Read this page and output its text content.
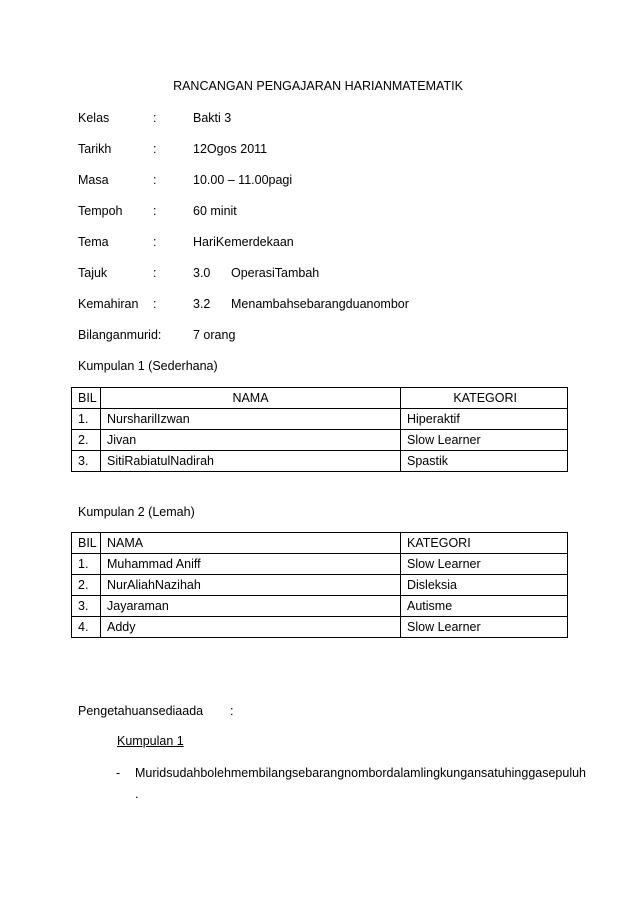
RANCANGAN PENGAJARAN HARIANMATEMATIK
Kelas	:	Bakti 3
Tarikh	:	12Ogos 2011
Masa	:	10.00 – 11.00pagi
Tempoh :	60 minit
Tema	:	HariKemerdekaan
Tajuk	:	3.0 OperasiTambah
Kemahiran :	3.2 Menambahsebarangduanombor
Bilanganmurid:	7 orang
Kumpulan 1 (Sederhana)
BIL	NAMA	KATEGORI
1.	NursharilIzwan	Hiperaktif
2.	Jivan	Slow Learner
3.	SitiRabiatulNadirah	Spastik
Kumpulan 2 (Lemah)
BIL	NAMA	KATEGORI
1.	Muhammad Aniff	Slow Learner
2.	NurAliahNazihah	Disleksia
3.	Jayaraman	Autisme
4.	Addy	Slow Learner
Pengetahuansediaada :
Kumpulan 1
- Muridsudahbolehmembilangsebarangnombordalamlingkungansatuhinggasepuluh
.
